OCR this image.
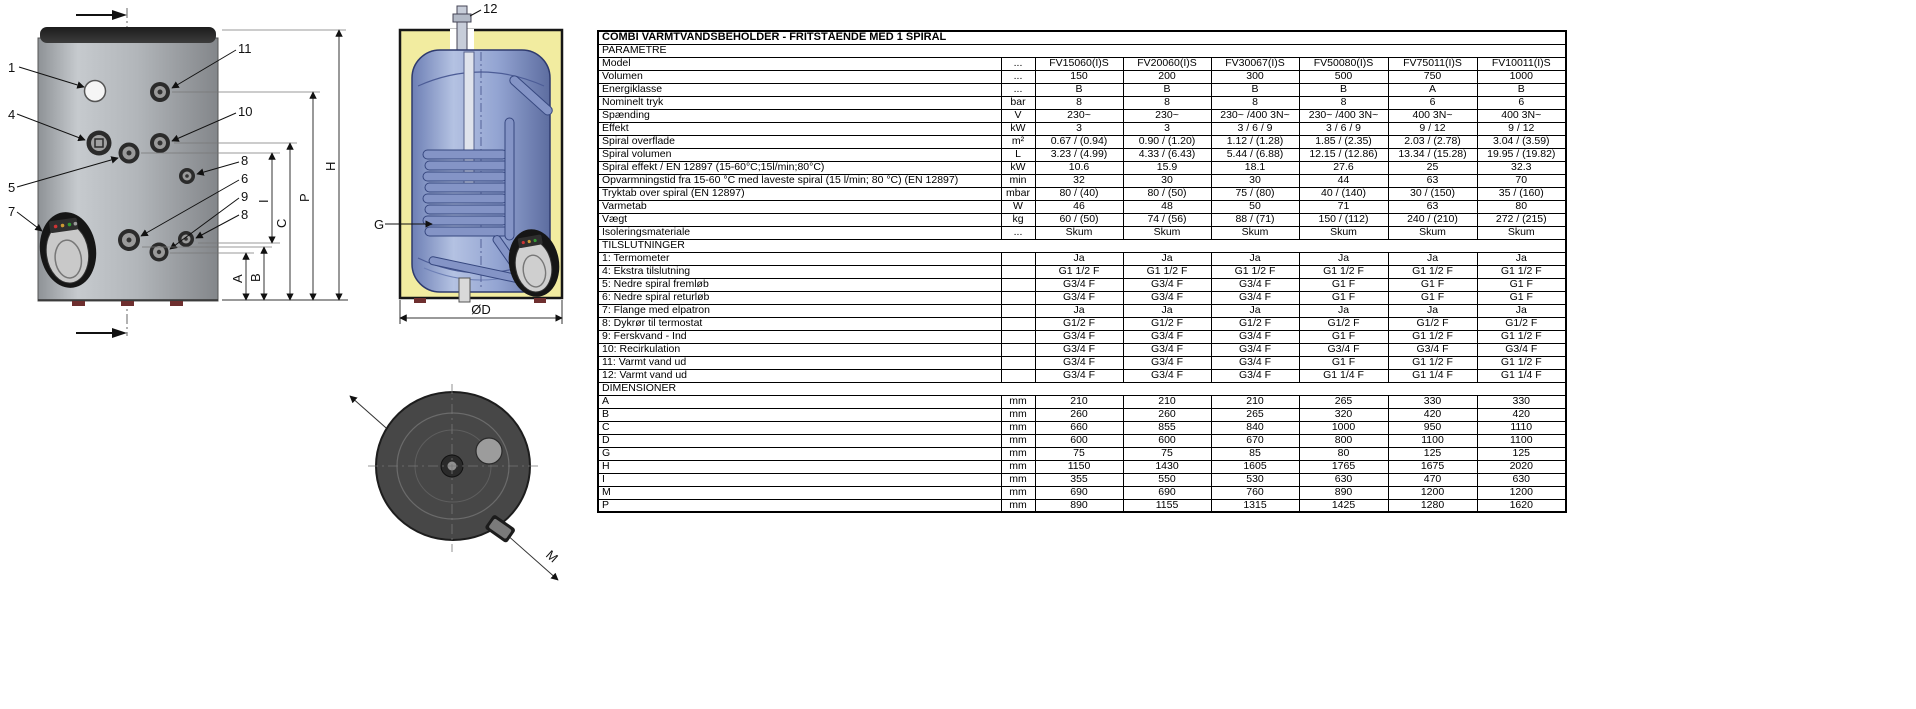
1
4
5
7
11
10
8
6
9
8
A B
I
C
P
H
12
G
ØD
M
COMBI VARMTVANDSBEHOLDER - FRITSTÅENDE MED 1 SPIRAL							
PARAMETRE							
Model	...	FV15060(I)S	FV20060(I)S	FV30067(I)S	FV50080(I)S	FV75011(I)S	FV10011(I)S
Volumen	...	150	200	300	500	750	1000
Energiklasse	...	B	B	B	B	A	B
Nominelt tryk	bar	8	8	8	8	6	6
Spænding	V	230~	230~	230~ /400 3N~	230~ /400 3N~	400 3N~	400 3N~
Effekt	kW	3	3	3 / 6 / 9	3 / 6 / 9	9 / 12	9 / 12
Spiral overflade	m²	0.67 / (0.94)	0.90 / (1.20)	1.12 / (1.28)	1.85 / (2.35)	2.03 / (2.78)	3.04 / (3.59)
Spiral volumen	L	3.23 / (4.99)	4.33 / (6.43)	5.44 / (6.88)	12.15 / (12.86)	13.34 / (15.28)	19.95 / (19.82)
Spiral effekt / EN 12897 (15-60°C;15l/min;80°C)	kW	10.6	15.9	18.1	27.6	25	32.3
Opvarmningstid fra 15-60 °C med laveste spiral (15 l/min; 80 °C) (EN 12897)	min	32	30	30	44	63	70
Tryktab over spiral (EN 12897)	mbar	80 / (40)	80 / (50)	75 / (80)	40 / (140)	30 / (150)	35 / (160)
Varmetab	W	46	48	50	71	63	80
Vægt	kg	60 / (50)	74 / (56)	88 / (71)	150 / (112)	240 / (210)	272 / (215)
Isoleringsmateriale	...	Skum	Skum	Skum	Skum	Skum	Skum
TILSLUTNINGER							
1: Termometer		Ja	Ja	Ja	Ja	Ja	Ja
4: Ekstra tilslutning		G1 1/2 F	G1 1/2 F	G1 1/2 F	G1 1/2 F	G1 1/2 F	G1 1/2 F
5: Nedre spiral fremløb		G3/4 F	G3/4 F	G3/4 F	G1 F	G1 F	G1 F
6: Nedre spiral returløb		G3/4 F	G3/4 F	G3/4 F	G1 F	G1 F	G1 F
7: Flange med elpatron		Ja	Ja	Ja	Ja	Ja	Ja
8: Dykrør til termostat		G1/2 F	G1/2 F	G1/2 F	G1/2 F	G1/2 F	G1/2 F
9: Ferskvand - Ind		G3/4 F	G3/4 F	G3/4 F	G1 F	G1 1/2 F	G1 1/2 F
10: Recirkulation		G3/4 F	G3/4 F	G3/4 F	G3/4 F	G3/4 F	G3/4 F
11: Varmt vand ud		G3/4 F	G3/4 F	G3/4 F	G1 F	G1 1/2 F	G1 1/2 F
12: Varmt vand ud		G3/4 F	G3/4 F	G3/4 F	G1 1/4 F	G1 1/4 F	G1 1/4 F
DIMENSIONER							
A	mm	210	210	210	265	330	330
B	mm	260	260	265	320	420	420
C	mm	660	855	840	1000	950	1110
D	mm	600	600	670	800	1100	1100
G	mm	75	75	85	80	125	125
H	mm	1150	1430	1605	1765	1675	2020
I	mm	355	550	530	630	470	630
M	mm	690	690	760	890	1200	1200
P	mm	890	1155	1315	1425	1280	1620
